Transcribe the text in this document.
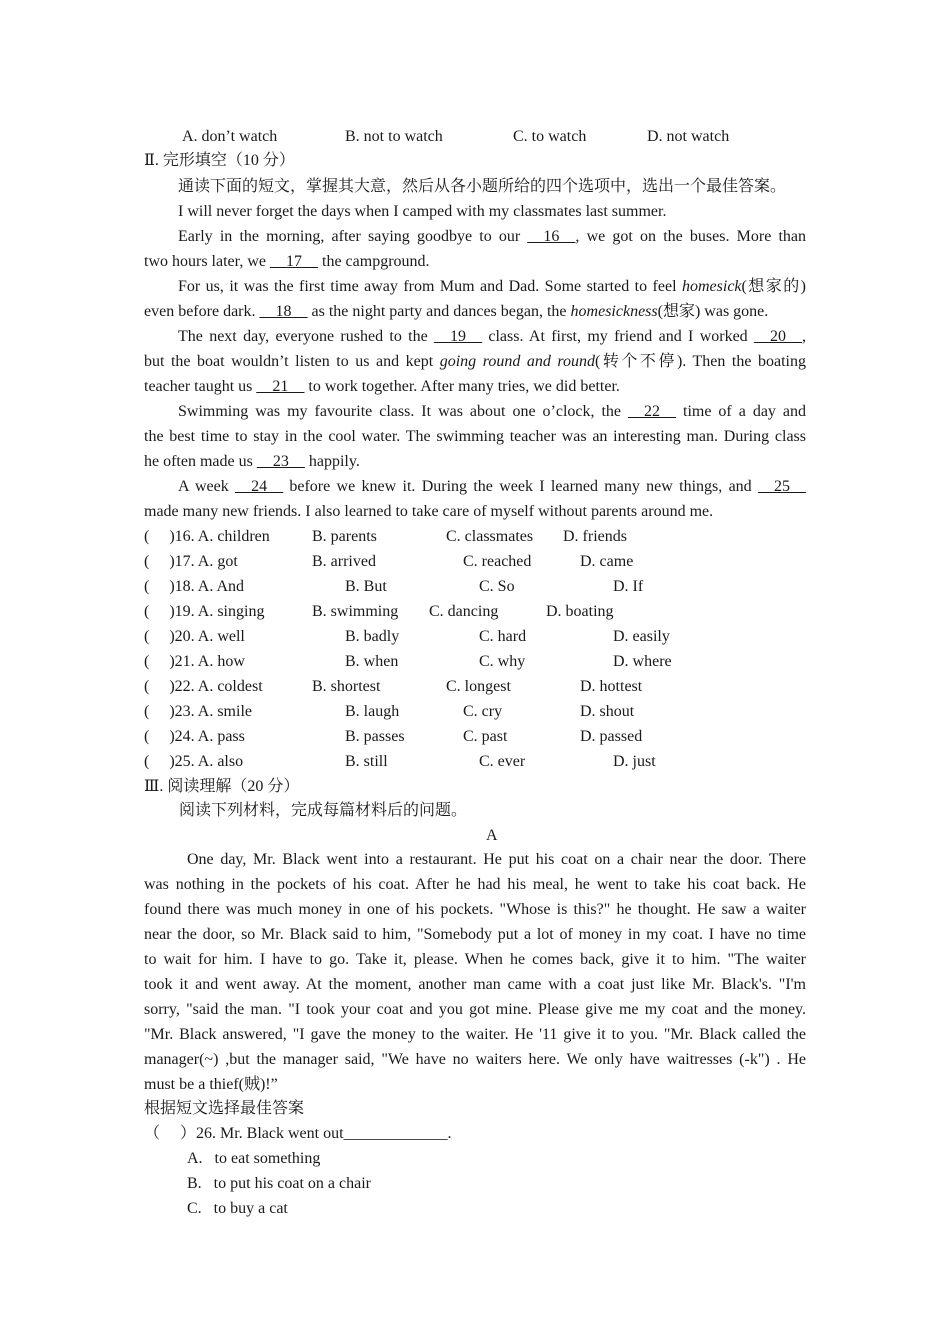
A. don’t watch	B. not to watch	C. to watch	D. not watch
Ⅱ. 完形填空（10 分）
通读下面的短文，掌握其大意，然后从各小题所给的四个选项中，选出一个最佳答案。
I will never forget the days when I camped with my classmates last summer.
Early in the morning, after saying goodbye to our __16__, we got on the buses. More than
two hours later, we __17__ the campground.
For us, it was the first time away from Mum and Dad. Some started to feel homesick(想家的)
even before dark. __18__ as the night party and dances began, the homesickness(想家) was gone.
The next day, everyone rushed to the __19__ class. At first, my friend and I worked __20__,
but the boat wouldn’t listen to us and kept going round and round(转个不停). Then the boating
teacher taught us __21__ to work together. After many tries, we did better.
Swimming was my favourite class. It was about one o’clock, the __22__ time of a day and
the best time to stay in the cool water. The swimming teacher was an interesting man. During class
he often made us __23__ happily.
A week __24__ before we knew it. During the week I learned many new things, and __25__
made many new friends. I also learned to take care of myself without parents around me.
(     )16. A. children	B. parents	C. classmates D. friends
(     )17. A. got	B. arrived	C. reached	D. came
(     )18. A. And	B. But	C. So	D. If
(     )19. A. singing	B. swimming C. dancing	D. boating
(     )20. A. well	B. badly	C. hard	D. easily
(     )21. A. how	B. when	C. why	D. where
(     )22. A. coldest	B. shortest	C. longest	D. hottest
(     )23. A. smile	B. laugh	C. cry	D. shout
(     )24. A. pass	B. passes	C. past	D. passed
(     )25. A. also	B. still	C. ever	D. just
Ⅲ. 阅读理解（20 分）
阅读下列材料，完成每篇材料后的问题。
A
One day, Mr. Black went into a restaurant. He put his coat on a chair near the door. There
was nothing in the pockets of his coat. After he had his meal, he went to take his coat back. He
found there was much money in one of his pockets. "Whose is this?" he thought. He saw a waiter
near the door, so Mr. Black said to him, "Somebody put a lot of money in my coat. I have no time
to wait for him. I have to go. Take it, please. When he comes back, give it to him. "The waiter
took it and went away. At the moment, another man came with a coat just like Mr. Black's. "I'm
sorry, "said the man. "I took your coat and you got mine. Please give me my coat and the money.
"Mr. Black answered, "I gave the money to the waiter. He '11 give it to you. "Mr. Black called the
manager(~) ,but the manager said, "We have no waiters here. We only have waitresses (-k") . He
must be a thief(贼)!”
根据短文选择最佳答案
（     ）26. Mr. Black went out_____________.
A.   to eat something
B.   to put his coat on a chair
C.   to buy a cat
